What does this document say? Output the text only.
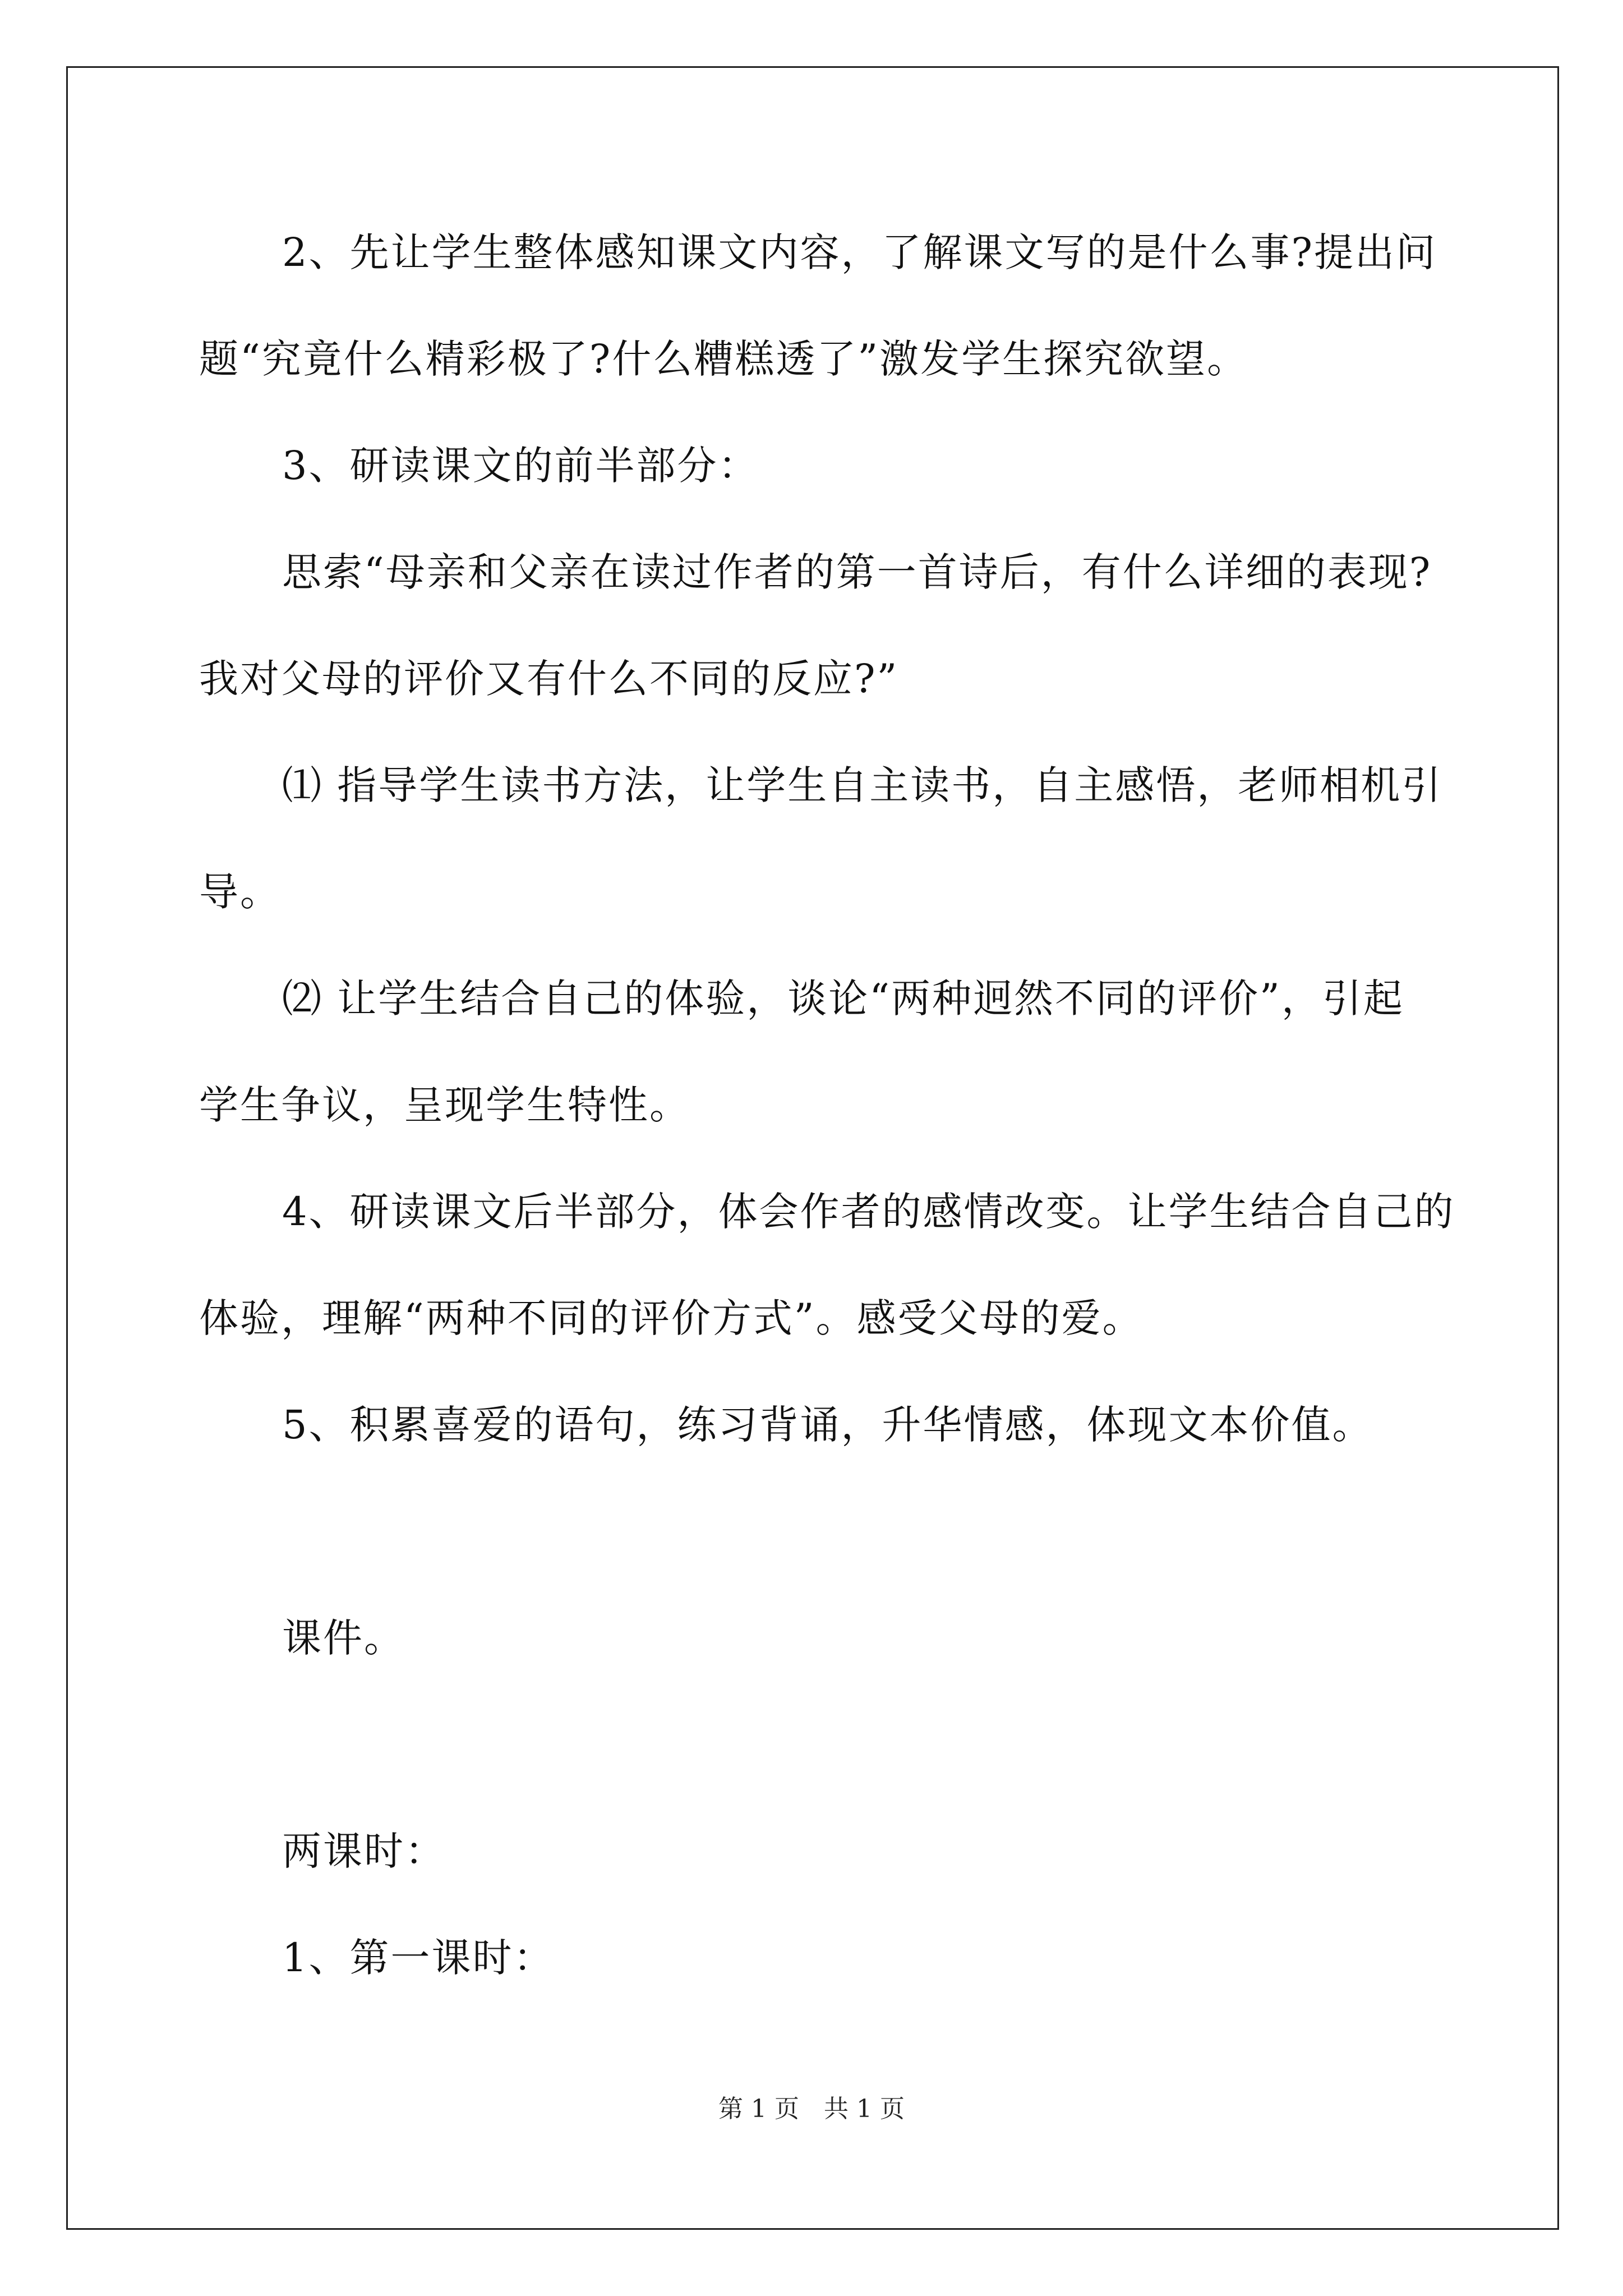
2、先让学生整体感知课文内容，了解课文写的是什么事?提出问
题“究竟什么精彩极了?什么糟糕透了”激发学生探究欲望。
3、研读课文的前半部分：
思索“母亲和父亲在读过作者的第一首诗后，有什么详细的表现?
我对父母的评价又有什么不同的反应?”
⑴ 指导学生读书方法，让学生自主读书，自主感悟，老师相机引
导。
⑵ 让学生结合自己的体验，谈论“两种迥然不同的评价”，引起
学生争议，呈现学生特性。
4、研读课文后半部分，体会作者的感情改变。让学生结合自己的
体验，理解“两种不同的评价方式”。感受父母的爱。
5、积累喜爱的语句，练习背诵，升华情感，体现文本价值。
课件。
两课时：
1、第一课时：
第 1 页　共 1 页
